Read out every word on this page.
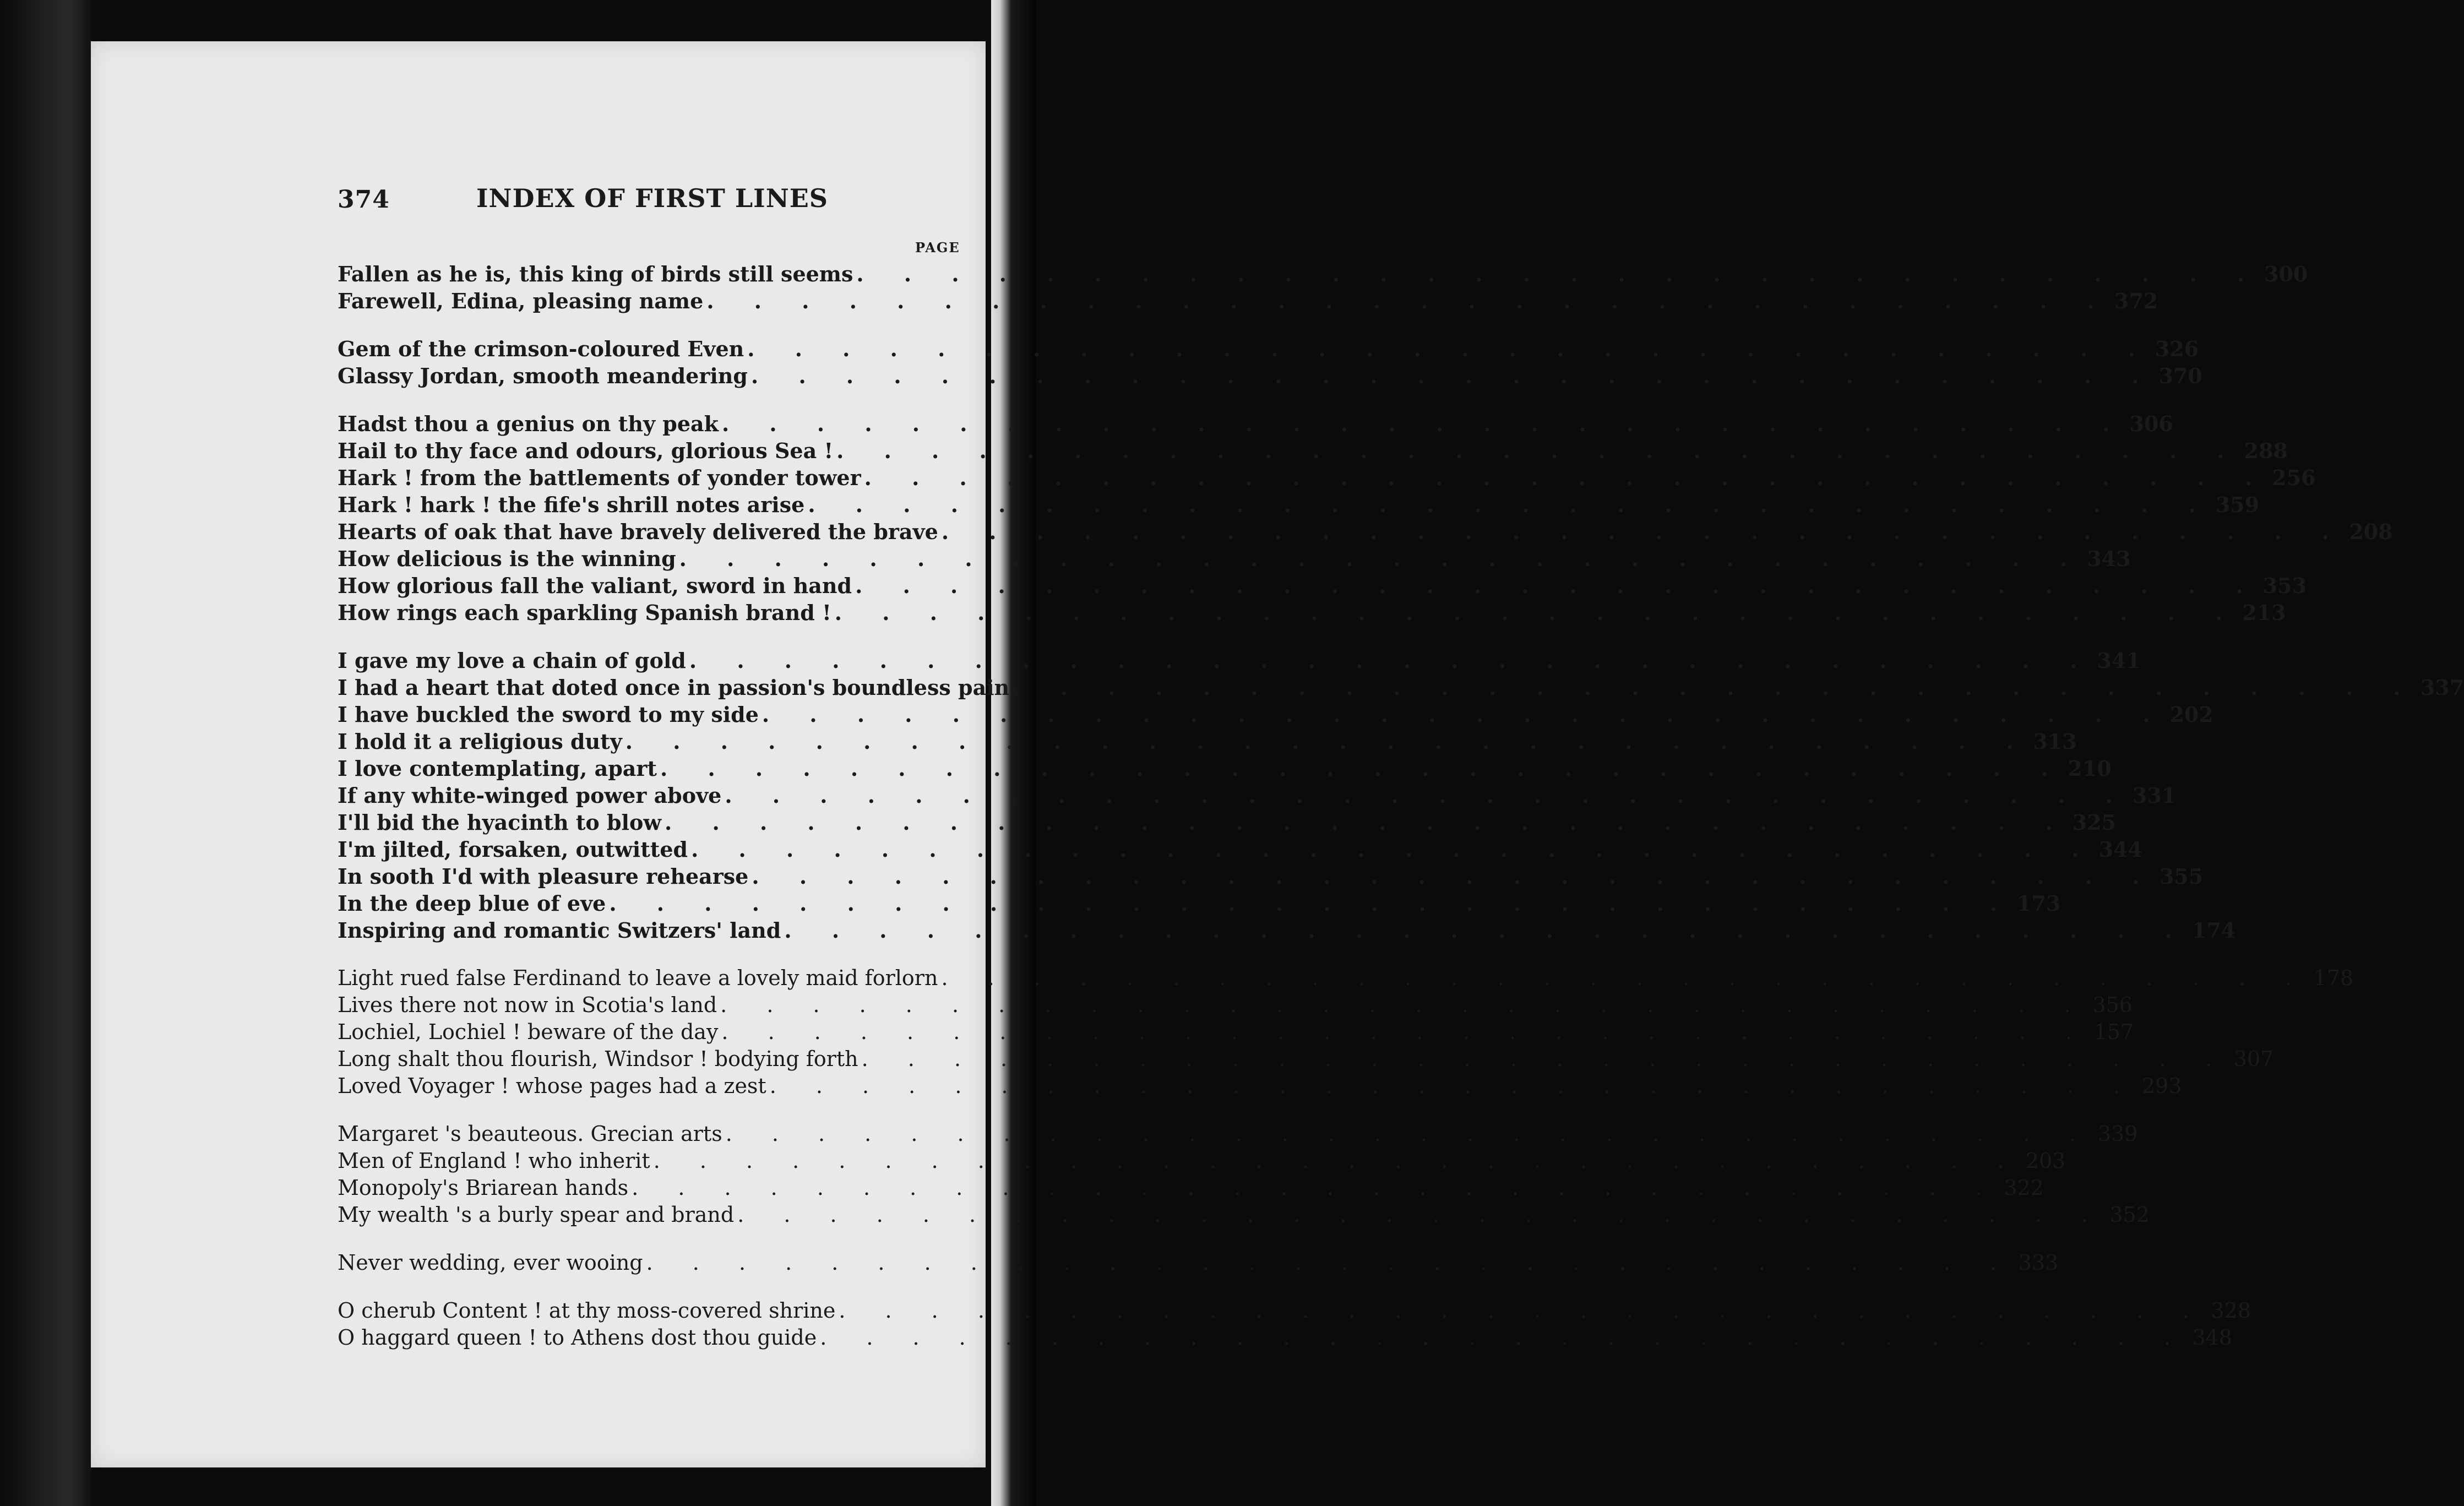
374	INDEX OF FIRST LINES
PAGE
Fallen as he is, this king of birds still seems . . .	300
Farewell, Edina, pleasing name . . .	372
Gem of the crimson-coloured Even . . .	326
Glassy Jordan, smooth meandering . . .	370
Hadst thou a genius on thy peak . . .	306
Hail to thy face and odours, glorious Sea ! . . .	288
Hark ! from the battlements of yonder tower . . .	256
Hark ! hark ! the fife's shrill notes arise . . .	359
Hearts of oak that have bravely delivered the brave . . .	208
How delicious is the winning . . .	343
How glorious fall the valiant, sword in hand . . .	353
How rings each sparkling Spanish brand ! . . .	213
I gave my love a chain of gold . . .	341
I had a heart that doted once in passion's boundless pain . . .	337
I have buckled the sword to my side . . .	202
I hold it a religious duty . . .	313
I love contemplating, apart . . .	210
If any white-winged power above . . .	331
I'll bid the hyacinth to blow . . .	325
I'm jilted, forsaken, outwitted . . .	344
In sooth I'd with pleasure rehearse . . .	355
In the deep blue of eve . . .	173
Inspiring and romantic Switzers' land . . .	174
Light rued false Ferdinand to leave a lovely maid forlorn . . .	178
Lives there not now in Scotia's land . . .	356
Lochiel, Lochiel ! beware of the day . . .	157
Long shalt thou flourish, Windsor ! bodying forth . . .	307
Loved Voyager ! whose pages had a zest . . .	293
Margaret 's beauteous. Grecian arts . . .	339
Men of England ! who inherit . . .	203
Monopoly's Briarean hands . . .	322
My wealth 's a burly spear and brand . . .	352
Never wedding, ever wooing . . .	333
O cherub Content ! at thy moss-covered shrine . . .	328
O haggard queen ! to Athens dost thou guide . . .	348
